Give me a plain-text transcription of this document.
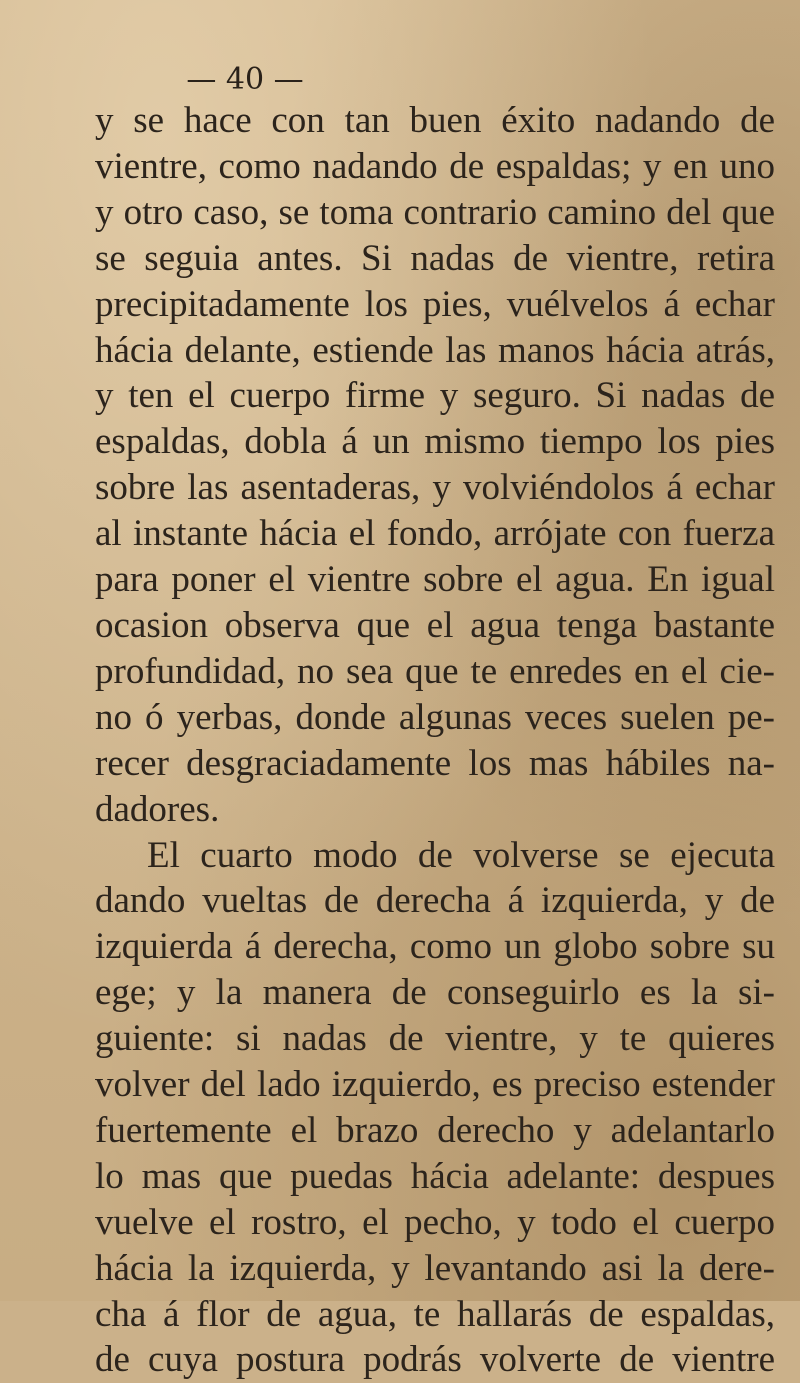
— 40 —
y se hace con tan buen éxito nadando de
vientre, como nadando de espaldas; y en uno
y otro caso, se toma contrario camino del que
se seguia antes. Si nadas de vientre, retira
precipitadamente los pies, vuélvelos á echar
hácia delante, estiende las manos hácia atrás,
y ten el cuerpo firme y seguro. Si nadas de
espaldas, dobla á un mismo tiempo los pies
sobre las asentaderas, y volviéndolos á echar
al instante hácia el fondo, arrójate con fuerza
para poner el vientre sobre el agua. En igual
ocasion observa que el agua tenga bastante
profundidad, no sea que te enredes en el cie-
no ó yerbas, donde algunas veces suelen pe-
recer desgraciadamente los mas hábiles na-
dadores.
El cuarto modo de volverse se ejecuta
dando vueltas de derecha á izquierda, y de
izquierda á derecha, como un globo sobre su
ege; y la manera de conseguirlo es la si-
guiente: si nadas de vientre, y te quieres
volver del lado izquierdo, es preciso estender
fuertemente el brazo derecho y adelantarlo
lo mas que puedas hácia adelante: despues
vuelve el rostro, el pecho, y todo el cuerpo
hácia la izquierda, y levantando asi la dere-
cha á flor de agua, te hallarás de espaldas,
de cuya postura podrás volverte de vientre
